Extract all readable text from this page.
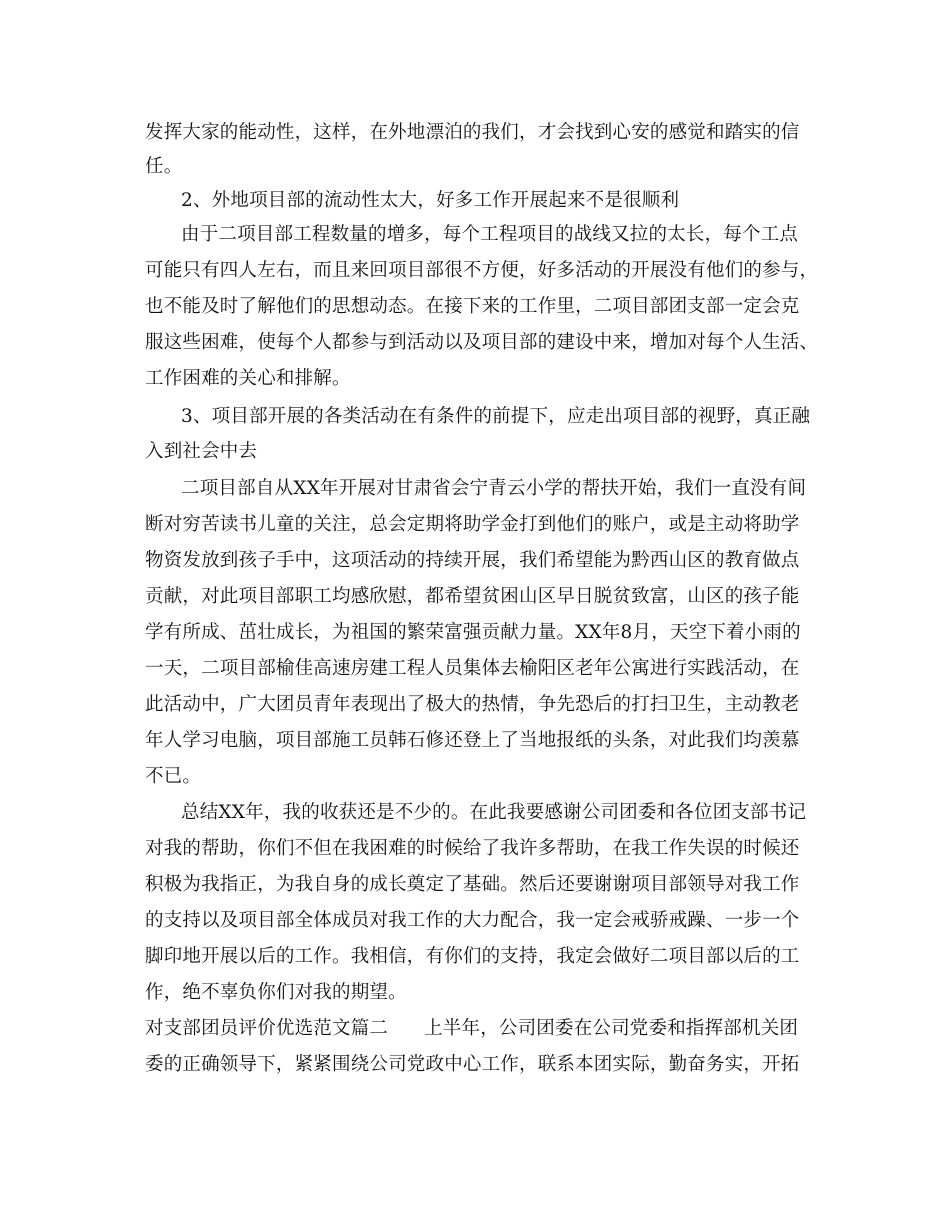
发挥大家的能动性，这样，在外地漂泊的我们，才会找到心安的感觉和踏实的信
任。
2、外地项目部的流动性太大，好多工作开展起来不是很顺利
由于二项目部工程数量的增多，每个工程项目的战线又拉的太长，每个工点
可能只有四人左右，而且来回项目部很不方便，好多活动的开展没有他们的参与，
也不能及时了解他们的思想动态。在接下来的工作里，二项目部团支部一定会克
服这些困难，使每个人都参与到活动以及项目部的建设中来，增加对每个人生活、
工作困难的关心和排解。
3、项目部开展的各类活动在有条件的前提下，应走出项目部的视野，真正融
入到社会中去
二项目部自从XX年开展对甘肃省会宁青云小学的帮扶开始，我们一直没有间
断对穷苦读书儿童的关注，总会定期将助学金打到他们的账户，或是主动将助学
物资发放到孩子手中，这项活动的持续开展，我们希望能为黔西山区的教育做点
贡献，对此项目部职工均感欣慰，都希望贫困山区早日脱贫致富，山区的孩子能
学有所成、茁壮成长，为祖国的繁荣富强贡献力量。XX年8月，天空下着小雨的
一天，二项目部榆佳高速房建工程人员集体去榆阳区老年公寓进行实践活动，在
此活动中，广大团员青年表现出了极大的热情，争先恐后的打扫卫生，主动教老
年人学习电脑，项目部施工员韩石修还登上了当地报纸的头条，对此我们均羡慕
不已。
总结XX年，我的收获还是不少的。在此我要感谢公司团委和各位团支部书记
对我的帮助，你们不但在我困难的时候给了我许多帮助，在我工作失误的时候还
积极为我指正，为我自身的成长奠定了基础。然后还要谢谢项目部领导对我工作
的支持以及项目部全体成员对我工作的大力配合，我一定会戒骄戒躁、一步一个
脚印地开展以后的工作。我相信，有你们的支持，我定会做好二项目部以后的工
作，绝不辜负你们对我的期望。
对支部团员评价优选范文篇二 上半年，公司团委在公司党委和指挥部机关团
委的正确领导下，紧紧围绕公司党政中心工作，联系本团实际，勤奋务实，开拓
